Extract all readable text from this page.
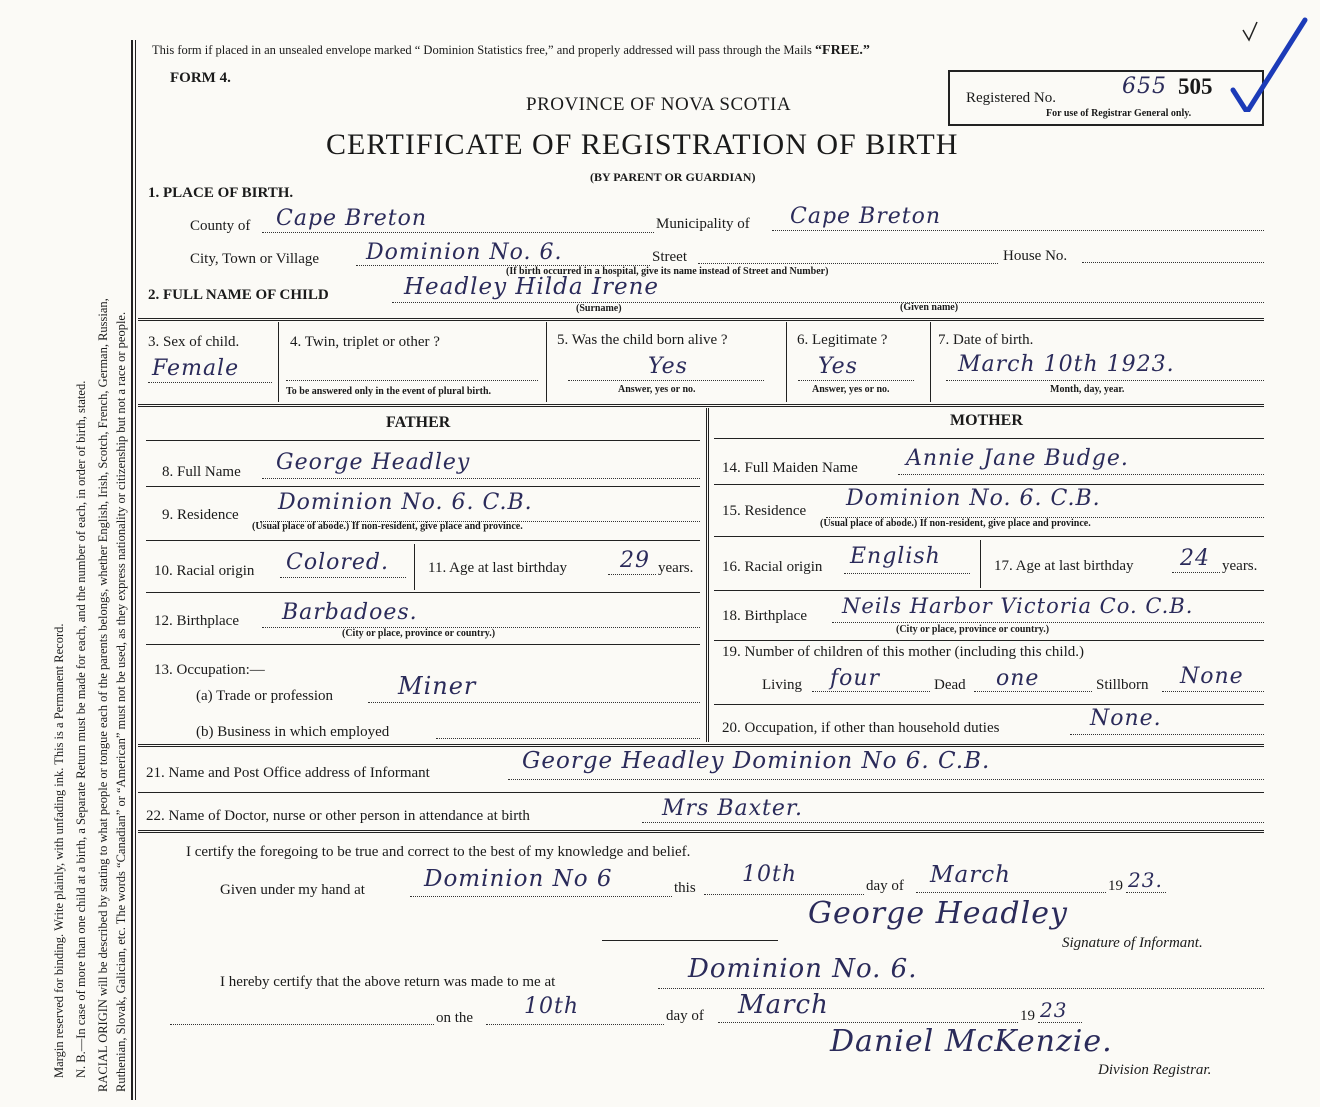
Margin reserved for binding. Write plainly, with unfading ink. This is a Permanent Record. N. B.—In case of more than one child at a birth, a Separate Return must be made for each, and the number of each, in order of birth, stated. RACIAL ORIGIN will be described by stating to what people or tongue each of the parents belongs, whether English, Irish, Scotch, French, German, Russian, Ruthenian, Slovak, Galician, etc. The words “Canadian” or “American” must not be used, as they express nationality or citizenship but not a race or people.
This form if placed in an unsealed envelope marked “ Dominion Statistics free,” and properly addressed will pass through the Mails “FREE.”
FORM 4.
PROVINCE OF NOVA SCOTIA
CERTIFICATE OF REGISTRATION OF BIRTH
(BY PARENT OR GUARDIAN)
Registered No.	655 505
For use of Registrar General only.
1. PLACE OF BIRTH.
County of Cape Breton	Municipality of Cape Breton
City, Town or Village Dominion No. 6.	Street	House No.
(If birth occurred in a hospital, give its name instead of Street and Number)
2. FULL NAME OF CHILD	Headley Hilda Irene
(Surname)	(Given name)
3. Sex of child.
Female
4. Twin, triplet or other ?
To be answered only in the event of plural birth.
5. Was the child born alive ?
Yes
Answer, yes or no.
6. Legitimate ?
Yes
Answer, yes or no.
7. Date of birth.
March 10th 1923.
Month, day, year.
FATHER	MOTHER
8. Full Name George Headley
9. Residence Dominion No. 6. C.B.
(Usual place of abode.) If non-resident, give place and province.
10. Racial origin Colored.	11. Age at last birthday 29 years.
12. Birthplace Barbadoes.
(City or place, province or country.)
13. Occupation:—
(a) Trade or profession	Miner
(b) Business in which employed
14. Full Maiden Name Annie Jane Budge.
15. Residence Dominion No. 6. C.B.
(Usual place of abode.) If non-resident, give place and province.
16. Racial origin English	17. Age at last birthday 24 years.
18. Birthplace Neils Harbor Victoria Co. C.B.
(City or place, province or country.)
19. Number of children of this mother (including this child.)
Living four	Dead one	Stillborn None
20. Occupation, if other than household duties	None.
21. Name and Post Office address of Informant	George Headley Dominion No 6. C.B.
22. Name of Doctor, nurse or other person in attendance at birth	Mrs Baxter.
I certify the foregoing to be true and correct to the best of my knowledge and belief.
Given under my hand at	Dominion No 6	this
10th	day of March	19 23.
George Headley
Signature of Informant.
I hereby certify that the above return was made to me at	Dominion No. 6.
on the 10th	day of March	19 23
Daniel McKenzie.
Division Registrar.
